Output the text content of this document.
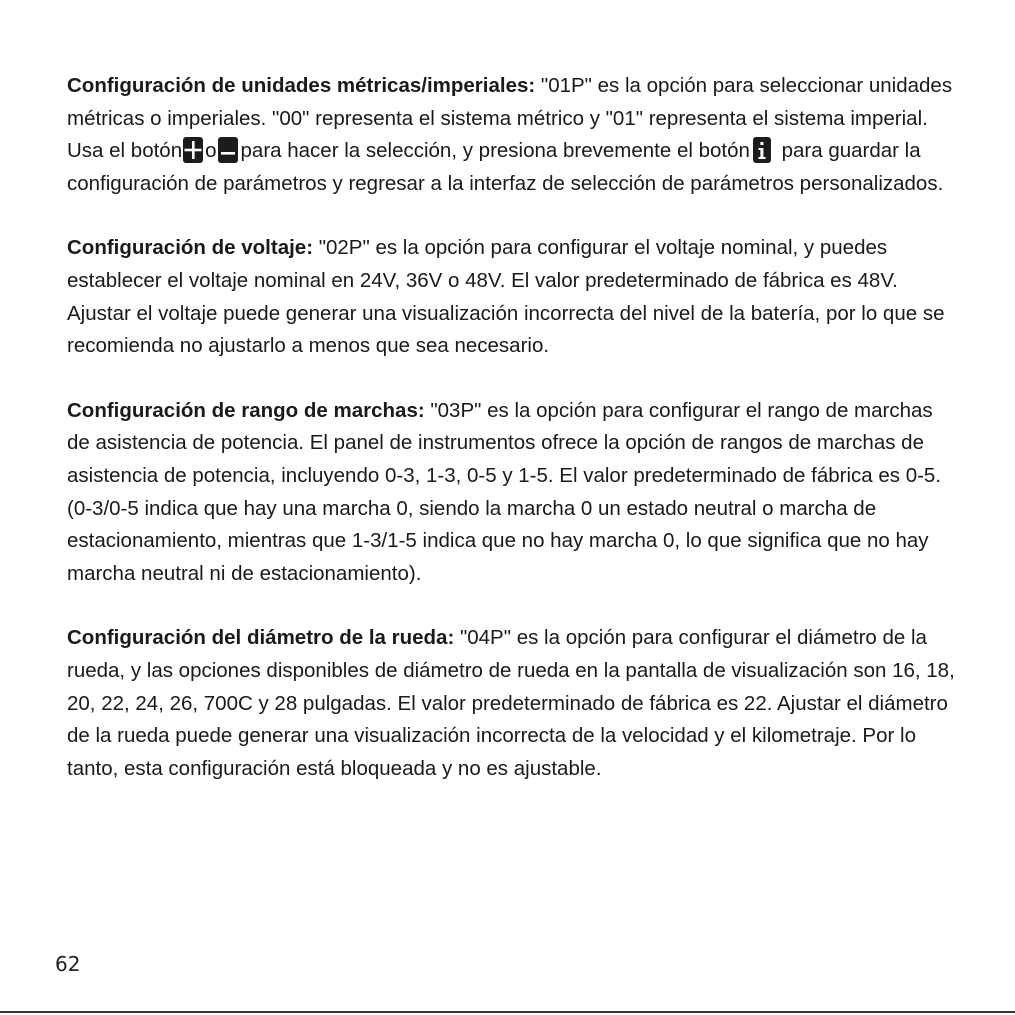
Configuración de unidades métricas/imperiales: "01P" es la opción para seleccionar unidades métricas o imperiales. "00" representa el sistema métrico y "01" representa el sistema imperial. Usa el botón o para hacer la selección, y presiona brevemente el botón
para guardar la configuración de parámetros y regresar a la interfaz de selección de parámetros personalizados.

Configuración de voltaje: "02P" es la opción para configurar el voltaje nominal, y puedes establecer el voltaje nominal en 24V, 36V o 48V. El valor predeterminado de fábrica es 48V. Ajustar el voltaje puede generar una visualización incorrecta del nivel de la batería, por lo que se recomienda no ajustarlo a menos que sea necesario.

Configuración de rango de marchas: "03P" es la opción para configurar el rango de marchas de asistencia de potencia. El panel de instrumentos ofrece la opción de rangos de marchas de asistencia de potencia, incluyendo 0-3, 1-3, 0-5 y 1-5. El valor predeterminado de fábrica es 0-5. (0-3/0-5 indica que hay una marcha 0, siendo la marcha 0 un estado neutral o marcha de estacionamiento, mientras que 1-3/1-5 indica que no hay marcha 0, lo que significa que no hay marcha neutral ni de estacionamiento).

Configuración del diámetro de la rueda: "04P" es la opción para configurar el diámetro de la rueda, y las opciones disponibles de diámetro de rueda en la pantalla de visualización son 16, 18, 20, 22, 24, 26, 700C y 28 pulgadas. El valor predeterminado de fábrica es 22. Ajustar el diámetro de la rueda puede generar una visualización incorrecta de la velocidad y el kilometraje. Por lo tanto, esta configuración está bloqueada y no es ajustable.

62
